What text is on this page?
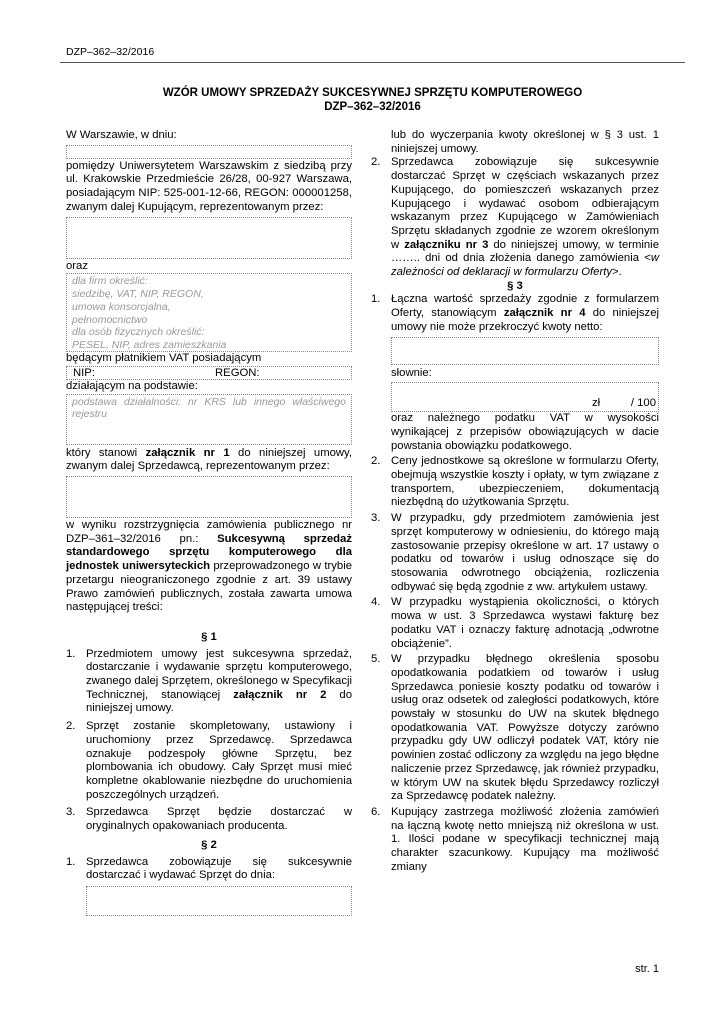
DZP–362–32/2016
WZÓR UMOWY SPRZEDAŻY SUKCESYWNEJ SPRZĘTU KOMPUTEROWEGO
DZP–362–32/2016

W Warszawie, w dniu:

pomiędzy Uniwersytetem Warszawskim z siedzibą przy ul. Krakowskie Przedmieście 26/28, 00-927 Warszawa, posiadającym NIP: 525-001-12-66, REGON: 000001258, zwanym dalej Kupującym, reprezentowanym przez:

oraz

dla firm określić:
siedzibę, VAT, NIP, REGON,
umowa konsorcjalna,
pełnomocnictwo
dla osób fizycznych określić:
PESEL, NIP, adres zamieszkania

będącym płatnikiem VAT posiadającym

NIP:	REGON:

działającym na podstawie:

podstawa działalności: nr KRS lub innego właściwego rejestru

który stanowi załącznik nr 1 do niniejszej umowy, zwanym dalej Sprzedawcą, reprezentowanym przez:

w wyniku rozstrzygnięcia zamówienia publicznego nr DZP–361–32/2016 pn.: Sukcesywną sprzedaż standardowego sprzętu komputerowego dla jednostek uniwersyteckich przeprowadzonego w trybie przetargu nieograniczonego zgodnie z art. 39 ustawy Prawo zamówień publicznych, została zawarta umowa następującej treści:

§ 1

1. Przedmiotem umowy jest sukcesywna sprzedaż, dostarczanie i wydawanie sprzętu komputerowego, zwanego dalej Sprzętem, określonego w Specyfikacji Technicznej, stanowiącej załącznik nr 2 do niniejszej umowy.
2. Sprzęt zostanie skompletowany, ustawiony i uruchomiony przez Sprzedawcę. Sprzedawca oznakuje podzespoły główne Sprzętu, bez plombowania ich obudowy. Cały Sprzęt musi mieć kompletne okablowanie niezbędne do uruchomienia poszczególnych urządzeń.
3. Sprzedawca Sprzęt będzie dostarczać w oryginalnych opakowaniach producenta.

§ 2

1. Sprzedawca zobowiązuje się sukcesywnie dostarczać i wydawać Sprzęt do dnia:

lub do wyczerpania kwoty określonej w § 3 ust. 1 niniejszej umowy.

2. Sprzedawca zobowiązuje się sukcesywnie dostarczać Sprzęt w częściach wskazanych przez Kupującego, do pomieszczeń wskazanych przez Kupującego i wydawać osobom odbierającym wskazanym przez Kupującego w Zamówieniach Sprzętu składanych zgodnie ze wzorem określonym w załączniku nr 3 do niniejszej umowy, w terminie …….. dni od dnia złożenia danego zamówienia <w zależności od deklaracji w formularzu Oferty>.

§ 3

1. Łączna wartość sprzedaży zgodnie z formularzem Oferty, stanowiącym załącznik nr 4 do niniejszej umowy nie może przekroczyć kwoty netto:

słownie:

zł	/ 100

oraz należnego podatku VAT w wysokości wynikającej z przepisów obowiązujących w dacie powstania obowiązku podatkowego.

2. Ceny jednostkowe są określone w formularzu Oferty, obejmują wszystkie koszty i opłaty, w tym związane z transportem, ubezpieczeniem, dokumentacją niezbędną do użytkowania Sprzętu.
3. W przypadku, gdy przedmiotem zamówienia jest sprzęt komputerowy w odniesieniu, do którego mają zastosowanie przepisy określone w art. 17 ustawy o podatku od towarów i usług odnoszące się do stosowania odwrotnego obciążenia, rozliczenia odbywać się będą zgodnie z ww. artykułem ustawy.
4. W przypadku wystąpienia okoliczności, o których mowa w ust. 3 Sprzedawca wystawi fakturę bez podatku VAT i oznaczy fakturę adnotacją „odwrotne obciążenie”.
5. W przypadku błędnego określenia sposobu opodatkowania podatkiem od towarów i usług Sprzedawca poniesie koszty podatku od towarów i usług oraz odsetek od zaległości podatkowych, które powstały w stosunku do UW na skutek błędnego opodatkowania VAT. Powyższe dotyczy zarówno przypadku gdy UW odliczył podatek VAT, który nie powinien zostać odliczony za względu na jego błędne naliczenie przez Sprzedawcę, jak również przypadku, w którym UW na skutek błędu Sprzedawcy rozliczył za Sprzedawcę podatek należny.
6. Kupujący zastrzega możliwość złożenia zamówień na łączną kwotę netto mniejszą niż określona w ust. 1. Ilości podane w specyfikacji technicznej mają charakter szacunkowy. Kupujący ma możliwość zmiany
str. 1
